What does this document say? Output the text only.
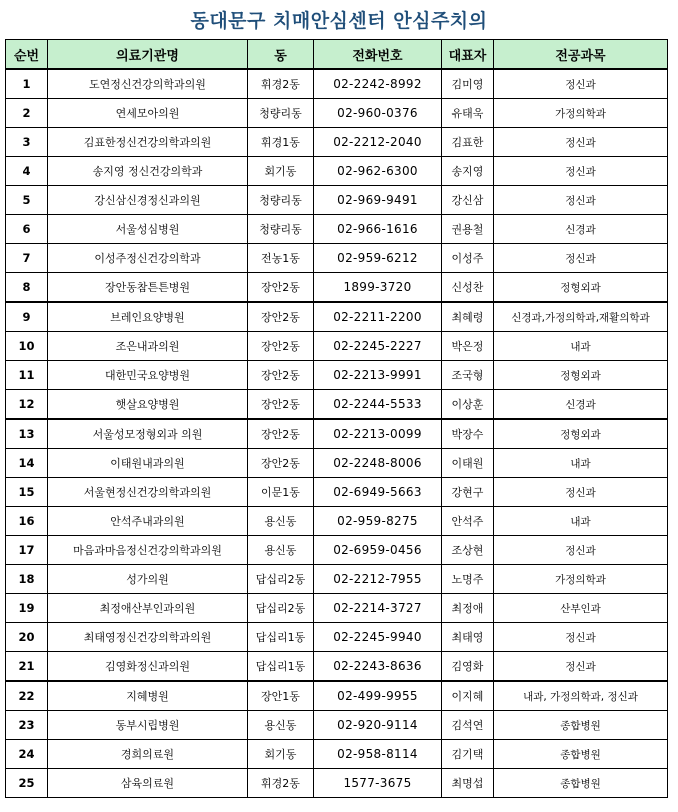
동대문구 치매안심센터 안심주치의
순번	의료기관명	동	전화번호	대표자	전공과목
1	도연정신건강의학과의원	휘경2동	02-2242-8992	김미영	정신과
2	연세모아의원	청량리동	02-960-0376	유태욱	가정의학과
3	김표한정신건강의학과의원	휘경1동	02-2212-2040	김표한	정신과
4	송지영 정신건강의학과	회기동	02-962-6300	송지영	정신과
5	강신삼신경정신과의원	청량리동	02-969-9491	강신삼	정신과
6	서울성심병원	청량리동	02-966-1616	권용철	신경과
7	이성주정신건강의학과	전농1동	02-959-6212	이성주	정신과
8	장안동참튼튼병원	장안2동	1899-3720	신성찬	정형외과
9	브레인요양병원	장안2동	02-2211-2200	최혜령	신경과,가정의학과,재활의학과
10	조은내과의원	장안2동	02-2245-2227	박은정	내과
11	대한민국요양병원	장안2동	02-2213-9991	조국형	정형외과
12	햇살요양병원	장안2동	02-2244-5533	이상훈	신경과
13	서울성모정형외과 의원	장안2동	02-2213-0099	박장수	정형외과
14	이태원내과의원	장안2동	02-2248-8006	이태원	내과
15	서울현정신건강의학과의원	이문1동	02-6949-5663	강현구	정신과
16	안석주내과의원	용신동	02-959-8275	안석주	내과
17	마음과마음정신건강의학과의원	용신동	02-6959-0456	조상현	정신과
18	성가의원	답십리2동	02-2212-7955	노명주	가정의학과
19	최정애산부인과의원	답십리2동	02-2214-3727	최정애	산부인과
20	최태영정신건강의학과의원	답십리1동	02-2245-9940	최태영	정신과
21	김영화정신과의원	답십리1동	02-2243-8636	김영화	정신과
22	지혜병원	장안1동	02-499-9955	이지혜	내과, 가정의학과, 정신과
23	동부시립병원	용신동	02-920-9114	김석연	종합병원
24	경희의료원	회기동	02-958-8114	김기택	종합병원
25	삼육의료원	휘경2동	1577-3675	최명섭	종합병원
